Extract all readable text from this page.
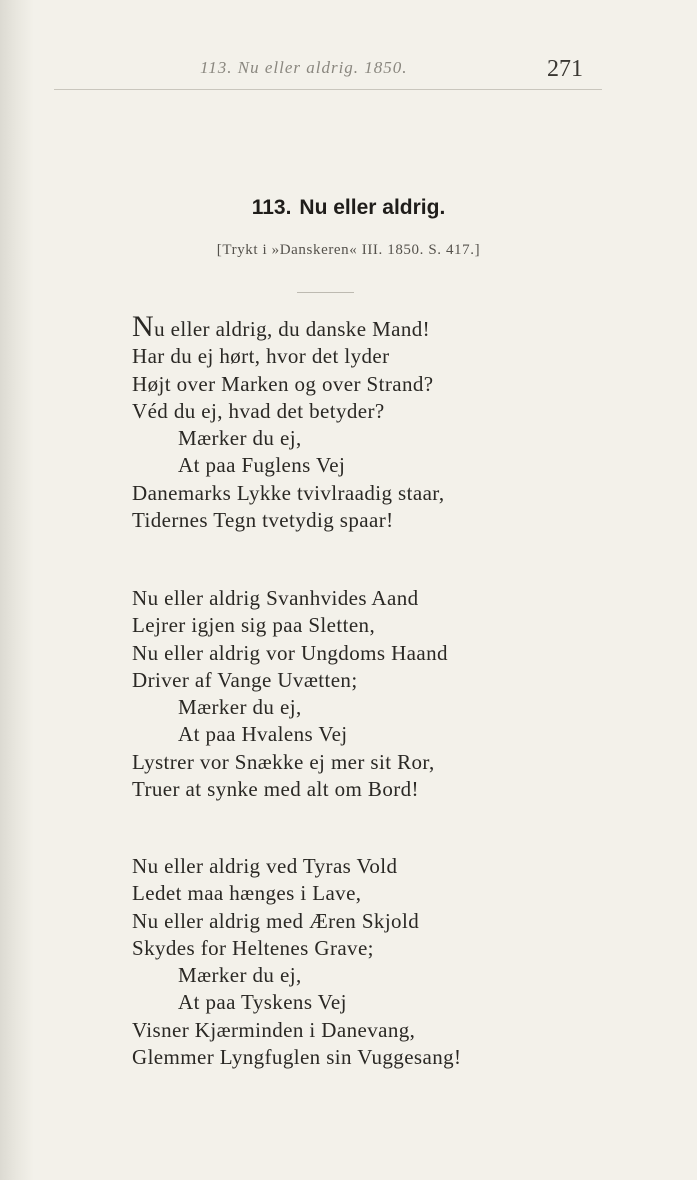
113. Nu eller aldrig. 1850.	271
113. Nu eller aldrig.
[Trykt i »Danskeren« III. 1850. S. 417.]
Nu eller aldrig, du danske Mand!
Har du ej hørt, hvor det lyder
Højt over Marken og over Strand?
Véd du ej, hvad det betyder?
Mærker du ej,
At paa Fuglens Vej
Danemarks Lykke tvivlraadig staar,
Tidernes Tegn tvetydig spaar!
Nu eller aldrig Svanhvides Aand
Lejrer igjen sig paa Sletten,
Nu eller aldrig vor Ungdoms Haand
Driver af Vange Uvætten;
Mærker du ej,
At paa Hvalens Vej
Lystrer vor Snække ej mer sit Ror,
Truer at synke med alt om Bord!
Nu eller aldrig ved Tyras Vold
Ledet maa hænges i Lave,
Nu eller aldrig med Æren Skjold
Skydes for Heltenes Grave;
Mærker du ej,
At paa Tyskens Vej
Visner Kjærminden i Danevang,
Glemmer Lyngfuglen sin Vuggesang!
